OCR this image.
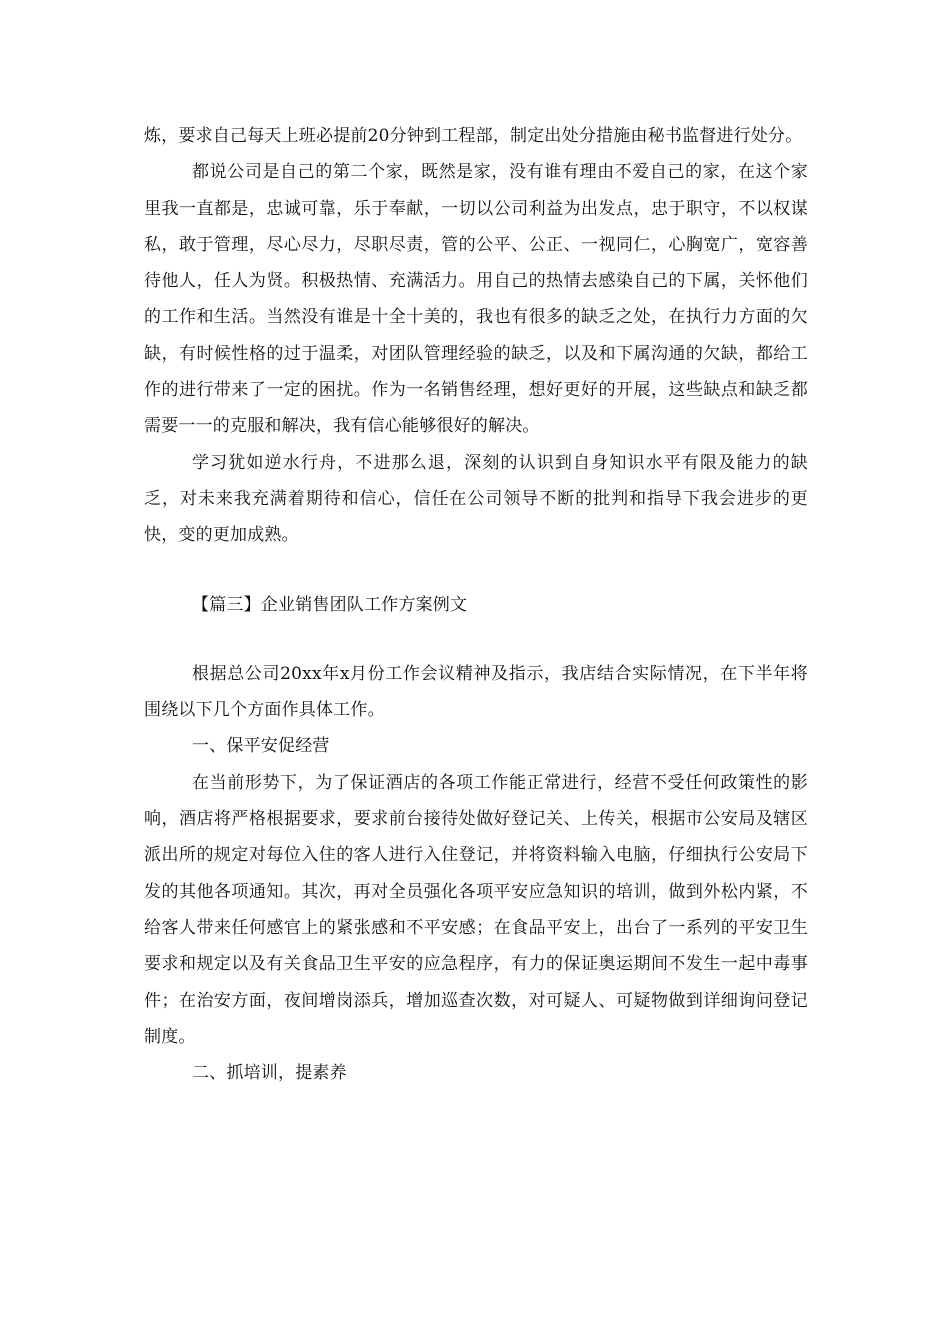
炼，要求自己每天上班必提前20分钟到工程部，制定出处分措施由秘书监督进行处分。

都说公司是自己的第二个家，既然是家，没有谁有理由不爱自己的家，在这个家里我一直都是，忠诚可靠，乐于奉献，一切以公司利益为出发点，忠于职守，不以权谋私，敢于管理，尽心尽力，尽职尽责，管的公平、公正、一视同仁，心胸宽广，宽容善待他人，任人为贤。积极热情、充满活力。用自己的热情去感染自己的下属，关怀他们的工作和生活。当然没有谁是十全十美的，我也有很多的缺乏之处，在执行力方面的欠缺，有时候性格的过于温柔，对团队管理经验的缺乏，以及和下属沟通的欠缺，都给工作的进行带来了一定的困扰。作为一名销售经理，想好更好的开展，这些缺点和缺乏都需要一一的克服和解决，我有信心能够很好的解决。

学习犹如逆水行舟，不进那么退，深刻的认识到自身知识水平有限及能力的缺乏，对未来我充满着期待和信心，信任在公司领导不断的批判和指导下我会进步的更快，变的更加成熟。

【篇三】企业销售团队工作方案例文

根据总公司20xx年x月份工作会议精神及指示，我店结合实际情况，在下半年将围绕以下几个方面作具体工作。

一、保平安促经营

在当前形势下，为了保证酒店的各项工作能正常进行，经营不受任何政策性的影响，酒店将严格根据要求，要求前台接待处做好登记关、上传关，根据市公安局及辖区派出所的规定对每位入住的客人进行入住登记，并将资料输入电脑，仔细执行公安局下发的其他各项通知。其次，再对全员强化各项平安应急知识的培训，做到外松内紧，不给客人带来任何感官上的紧张感和不平安感；在食品平安上，出台了一系列的平安卫生要求和规定以及有关食品卫生平安的应急程序，有力的保证奥运期间不发生一起中毒事件；在治安方面，夜间增岗添兵，增加巡查次数，对可疑人、可疑物做到详细询问登记制度。

二、抓培训，提素养
